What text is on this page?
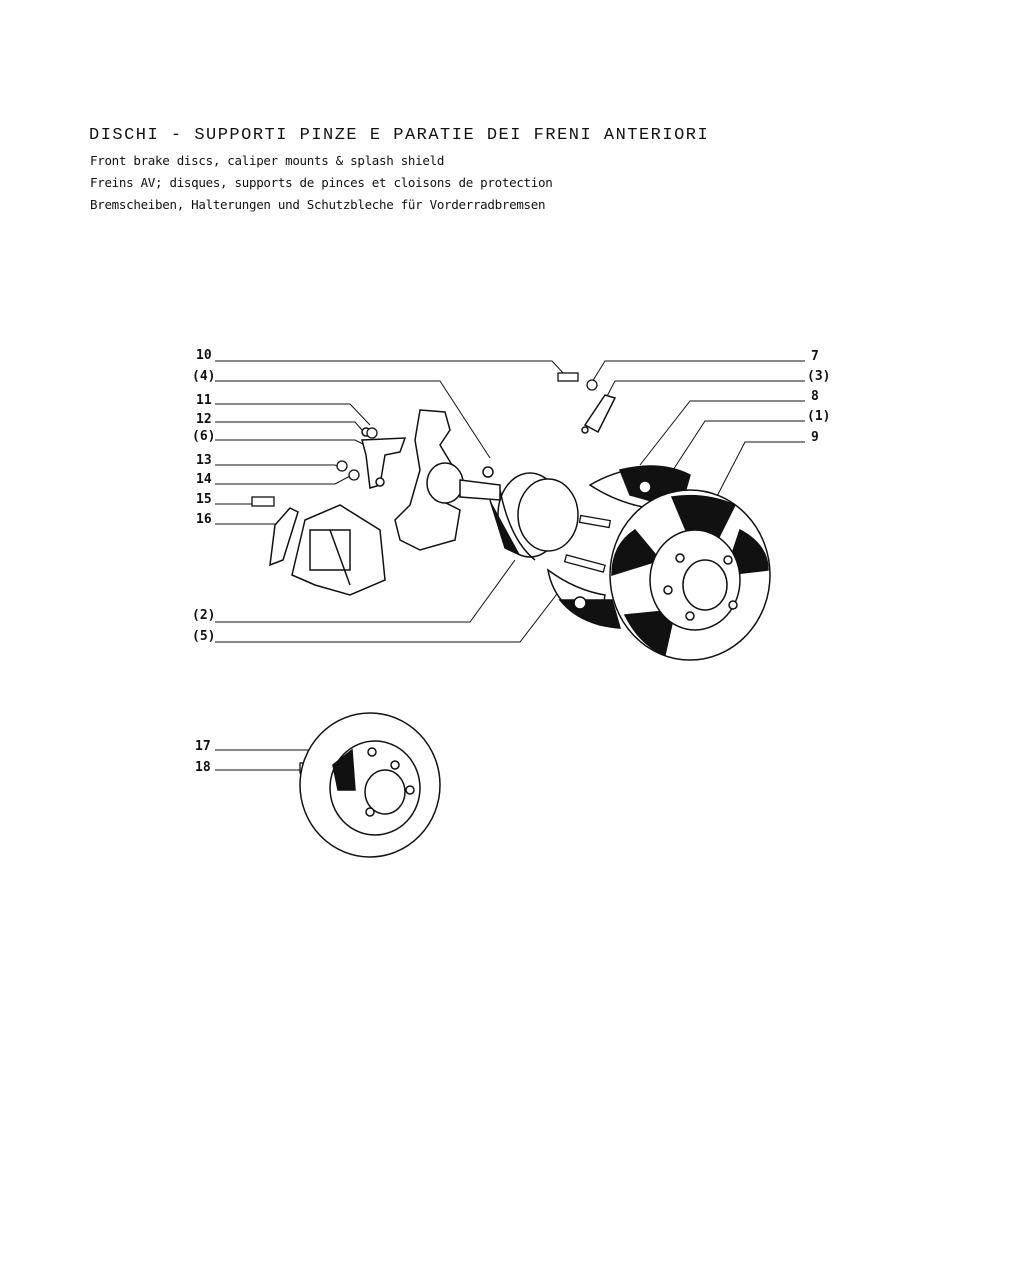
DISCHI - SUPPORTI PINZE E PARATIE DEI FRENI ANTERIORI
Front brake discs, caliper mounts & splash shield
Freins AV; disques, supports de pinces et cloisons de protection
Bremscheiben, Halterungen und Schutzbleche für Vorderradbremsen
10
(4)
11
12
(6)
13
14
15
16
(2)
(5)
17
18
7
(3)
8
(1)
9
